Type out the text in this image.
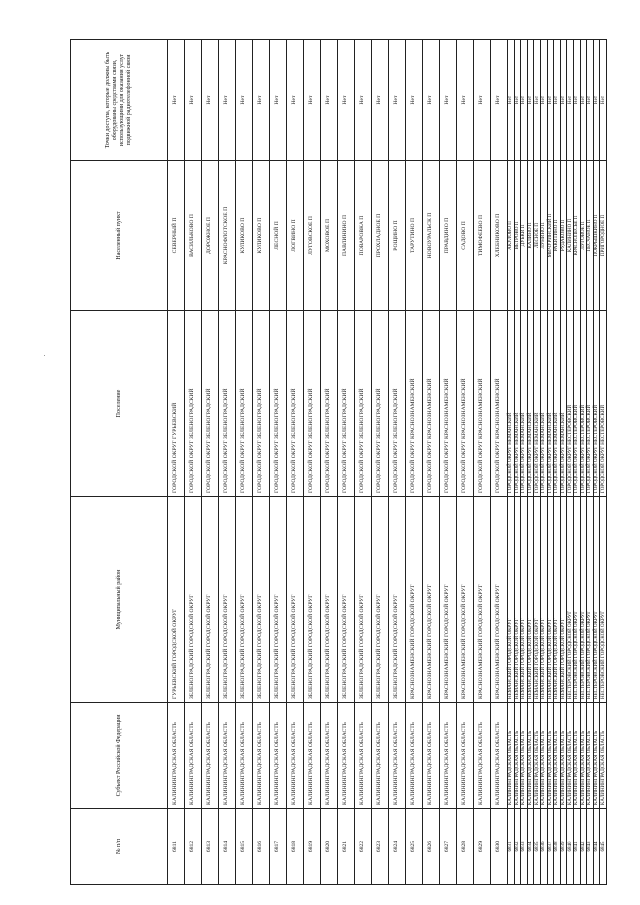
№ п/п	Субъект Российской Федерации	Муниципальный район	Поселение	Населенный пункт	Точки доступа, которые должны быть оборудованы средствами связи, использующими для оказания услуг подвижной радиотелефонной связи
6811	КАЛИНИНГРАДСКАЯ ОБЛАСТЬ	ГУРЬЕВСКИЙ ГОРОДСКОЙ ОКРУГ	ГОРОДСКОЙ ОКРУГ ГУРЬЕВСКИЙ	СЕВЕРНЫЙ П	Нет
6812	КАЛИНИНГРАДСКАЯ ОБЛАСТЬ	ЗЕЛЕНОГРАДСКИЙ ГОРОДСКОЙ ОКРУГ	ГОРОДСКОЙ ОКРУГ ЗЕЛЕНОГРАДСКИЙ	ВАСИЛЬКОВО П	Нет
6813	КАЛИНИНГРАДСКАЯ ОБЛАСТЬ	ЗЕЛЕНОГРАДСКИЙ ГОРОДСКОЙ ОКРУГ	ГОРОДСКОЙ ОКРУГ ЗЕЛЕНОГРАДСКИЙ	ДОРОЖНОЕ П	Нет
6814	КАЛИНИНГРАДСКАЯ ОБЛАСТЬ	ЗЕЛЕНОГРАДСКИЙ ГОРОДСКОЙ ОКРУГ	ГОРОДСКОЙ ОКРУГ ЗЕЛЕНОГРАДСКИЙ	КРАСНОФЛОТСКОЕ П	Нет
6815	КАЛИНИНГРАДСКАЯ ОБЛАСТЬ	ЗЕЛЕНОГРАДСКИЙ ГОРОДСКОЙ ОКРУГ	ГОРОДСКОЙ ОКРУГ ЗЕЛЕНОГРАДСКИЙ	КУЛИКОВО П	Нет
6816	КАЛИНИНГРАДСКАЯ ОБЛАСТЬ	ЗЕЛЕНОГРАДСКИЙ ГОРОДСКОЙ ОКРУГ	ГОРОДСКОЙ ОКРУГ ЗЕЛЕНОГРАДСКИЙ	КУЛИКОВО П	Нет
6817	КАЛИНИНГРАДСКАЯ ОБЛАСТЬ	ЗЕЛЕНОГРАДСКИЙ ГОРОДСКОЙ ОКРУГ	ГОРОДСКОЙ ОКРУГ ЗЕЛЕНОГРАДСКИЙ	ЛЕСНОЙ П	Нет
6818	КАЛИНИНГРАДСКАЯ ОБЛАСТЬ	ЗЕЛЕНОГРАДСКИЙ ГОРОДСКОЙ ОКРУГ	ГОРОДСКОЙ ОКРУГ ЗЕЛЕНОГРАДСКИЙ	ЛОГВИНО П	Нет
6819	КАЛИНИНГРАДСКАЯ ОБЛАСТЬ	ЗЕЛЕНОГРАДСКИЙ ГОРОДСКОЙ ОКРУГ	ГОРОДСКОЙ ОКРУГ ЗЕЛЕНОГРАДСКИЙ	ЛУГОВСКОЕ П	Нет
6820	КАЛИНИНГРАДСКАЯ ОБЛАСТЬ	ЗЕЛЕНОГРАДСКИЙ ГОРОДСКОЙ ОКРУГ	ГОРОДСКОЙ ОКРУГ ЗЕЛЕНОГРАДСКИЙ	МОХОВОЕ П	Нет
6821	КАЛИНИНГРАДСКАЯ ОБЛАСТЬ	ЗЕЛЕНОГРАДСКИЙ ГОРОДСКОЙ ОКРУГ	ГОРОДСКОЙ ОКРУГ ЗЕЛЕНОГРАДСКИЙ	ПАВЛИНИНО П	Нет
6822	КАЛИНИНГРАДСКАЯ ОБЛАСТЬ	ЗЕЛЕНОГРАДСКИЙ ГОРОДСКОЙ ОКРУГ	ГОРОДСКОЙ ОКРУГ ЗЕЛЕНОГРАДСКИЙ	ПОВАРОВКА П	Нет
6823	КАЛИНИНГРАДСКАЯ ОБЛАСТЬ	ЗЕЛЕНОГРАДСКИЙ ГОРОДСКОЙ ОКРУГ	ГОРОДСКОЙ ОКРУГ ЗЕЛЕНОГРАДСКИЙ	ПРОХЛАДНОЕ П	Нет
6824	КАЛИНИНГРАДСКАЯ ОБЛАСТЬ	ЗЕЛЕНОГРАДСКИЙ ГОРОДСКОЙ ОКРУГ	ГОРОДСКОЙ ОКРУГ ЗЕЛЕНОГРАДСКИЙ	РОЩИНО П	Нет
6825	КАЛИНИНГРАДСКАЯ ОБЛАСТЬ	КРАСНОЗНАМЕНСКИЙ ГОРОДСКОЙ ОКРУГ	ГОРОДСКОЙ ОКРУГ КРАСНОЗНАМЕНСКИЙ	ТАРУТИНО П	Нет
6826	КАЛИНИНГРАДСКАЯ ОБЛАСТЬ	КРАСНОЗНАМЕНСКИЙ ГОРОДСКОЙ ОКРУГ	ГОРОДСКОЙ ОКРУГ КРАСНОЗНАМЕНСКИЙ	НОВОУРАЛЬСК П	Нет
6827	КАЛИНИНГРАДСКАЯ ОБЛАСТЬ	КРАСНОЗНАМЕНСКИЙ ГОРОДСКОЙ ОКРУГ	ГОРОДСКОЙ ОКРУГ КРАСНОЗНАМЕНСКИЙ	ПРАВДИНО П	Нет
6828	КАЛИНИНГРАДСКАЯ ОБЛАСТЬ	КРАСНОЗНАМЕНСКИЙ ГОРОДСКОЙ ОКРУГ	ГОРОДСКОЙ ОКРУГ КРАСНОЗНАМЕНСКИЙ	САДОВО П	Нет
6829	КАЛИНИНГРАДСКАЯ ОБЛАСТЬ	КРАСНОЗНАМЕНСКИЙ ГОРОДСКОЙ ОКРУГ	ГОРОДСКОЙ ОКРУГ КРАСНОЗНАМЕНСКИЙ	ТИМОФЕЕВО П	Нет
6830	КАЛИНИНГРАДСКАЯ ОБЛАСТЬ	КРАСНОЗНАМЕНСКИЙ ГОРОДСКОЙ ОКРУГ	ГОРОДСКОЙ ОКРУГ КРАСНОЗНАМЕНСКИЙ	ХЛЕБНИКОВО П	Нет
6831	КАЛИНИНГРАДСКАЯ ОБЛАСТЬ	НЕМАНСКИЙ ГОРОДСКОЙ ОКРУГ	ГОРОДСКОЙ ОКРУГ НЕМАНСКИЙ	АКУЛОВО П	Нет
6832	КАЛИНИНГРАДСКАЯ ОБЛАСТЬ	НЕМАНСКИЙ ГОРОДСКОЙ ОКРУГ	ГОРОДСКОЙ ОКРУГ НЕМАНСКИЙ	ВЕТРОВО П	Нет
6833	КАЛИНИНГРАДСКАЯ ОБЛАСТЬ	НЕМАНСКИЙ ГОРОДСКОЙ ОКРУГ	ГОРОДСКОЙ ОКРУГ НЕМАНСКИЙ	ДУБКИ П	Нет
6834	КАЛИНИНГРАДСКАЯ ОБЛАСТЬ	НЕМАНСКИЙ ГОРОДСКОЙ ОКРУГ	ГОРОДСКОЙ ОКРУГ НЕМАНСКИЙ	КАЛИНО П	Нет
6835	КАЛИНИНГРАДСКАЯ ОБЛАСТЬ	НЕМАНСКИЙ ГОРОДСКОЙ ОКРУГ	ГОРОДСКОЙ ОКРУГ НЕМАНСКИЙ	ЛЕСНОЕ П	Нет
6836	КАЛИНИНГРАДСКАЯ ОБЛАСТЬ	НЕМАНСКИЙ ГОРОДСКОЙ ОКРУГ	ГОРОДСКОЙ ОКРУГ НЕМАНСКИЙ	ЛУНИНО П	Нет
6837	КАЛИНИНГРАДСКАЯ ОБЛАСТЬ	НЕМАНСКИЙ ГОРОДСКОЙ ОКРУГ	ГОРОДСКОЙ ОКРУГ НЕМАНСКИЙ	МИЧУРИНСКИЙ П	Нет
6838	КАЛИНИНГРАДСКАЯ ОБЛАСТЬ	НЕМАНСКИЙ ГОРОДСКОЙ ОКРУГ	ГОРОДСКОЙ ОКРУГ НЕМАНСКИЙ	РАКИТИНО П	Нет
6839	КАЛИНИНГРАДСКАЯ ОБЛАСТЬ	НЕМАНСКИЙ ГОРОДСКОЙ ОКРУГ	ГОРОДСКОЙ ОКРУГ НЕМАНСКИЙ	РУДАКОВО П	Нет
6840	КАЛИНИНГРАДСКАЯ ОБЛАСТЬ	НЕСТЕРОВСКИЙ ГОРОДСКОЙ ОКРУГ	ГОРОДСКОЙ ОКРУГ НЕСТЕРОВСКИЙ	КАЛИНИНО П	Нет
6841	КАЛИНИНГРАДСКАЯ ОБЛАСТЬ	НЕСТЕРОВСКИЙ ГОРОДСКОЙ ОКРУГ	ГОРОДСКОЙ ОКРУГ НЕСТЕРОВСКИЙ	КРАСНОЛЕСЬЕ П	Нет
6842	КАЛИНИНГРАДСКАЯ ОБЛАСТЬ	НЕСТЕРОВСКИЙ ГОРОДСКОЙ ОКРУГ	ГОРОДСКОЙ ОКРУГ НЕСТЕРОВСКИЙ	ЛУГОВОЕ П	Нет
6843	КАЛИНИНГРАДСКАЯ ОБЛАСТЬ	НЕСТЕРОВСКИЙ ГОРОДСКОЙ ОКРУГ	ГОРОДСКОЙ ОКРУГ НЕСТЕРОВСКИЙ	ПЕСЧАНОЕ П	Нет
6844	КАЛИНИНГРАДСКАЯ ОБЛАСТЬ	НЕСТЕРОВСКИЙ ГОРОДСКОЙ ОКРУГ	ГОРОДСКОЙ ОКРУГ НЕСТЕРОВСКИЙ	ПОКРЫШКИНО П	Нет
6845	КАЛИНИНГРАДСКАЯ ОБЛАСТЬ	НЕСТЕРОВСКИЙ ГОРОДСКОЙ ОКРУГ	ГОРОДСКОЙ ОКРУГ НЕСТЕРОВСКИЙ	ПРИГОРОДНОЕ П	Нет
